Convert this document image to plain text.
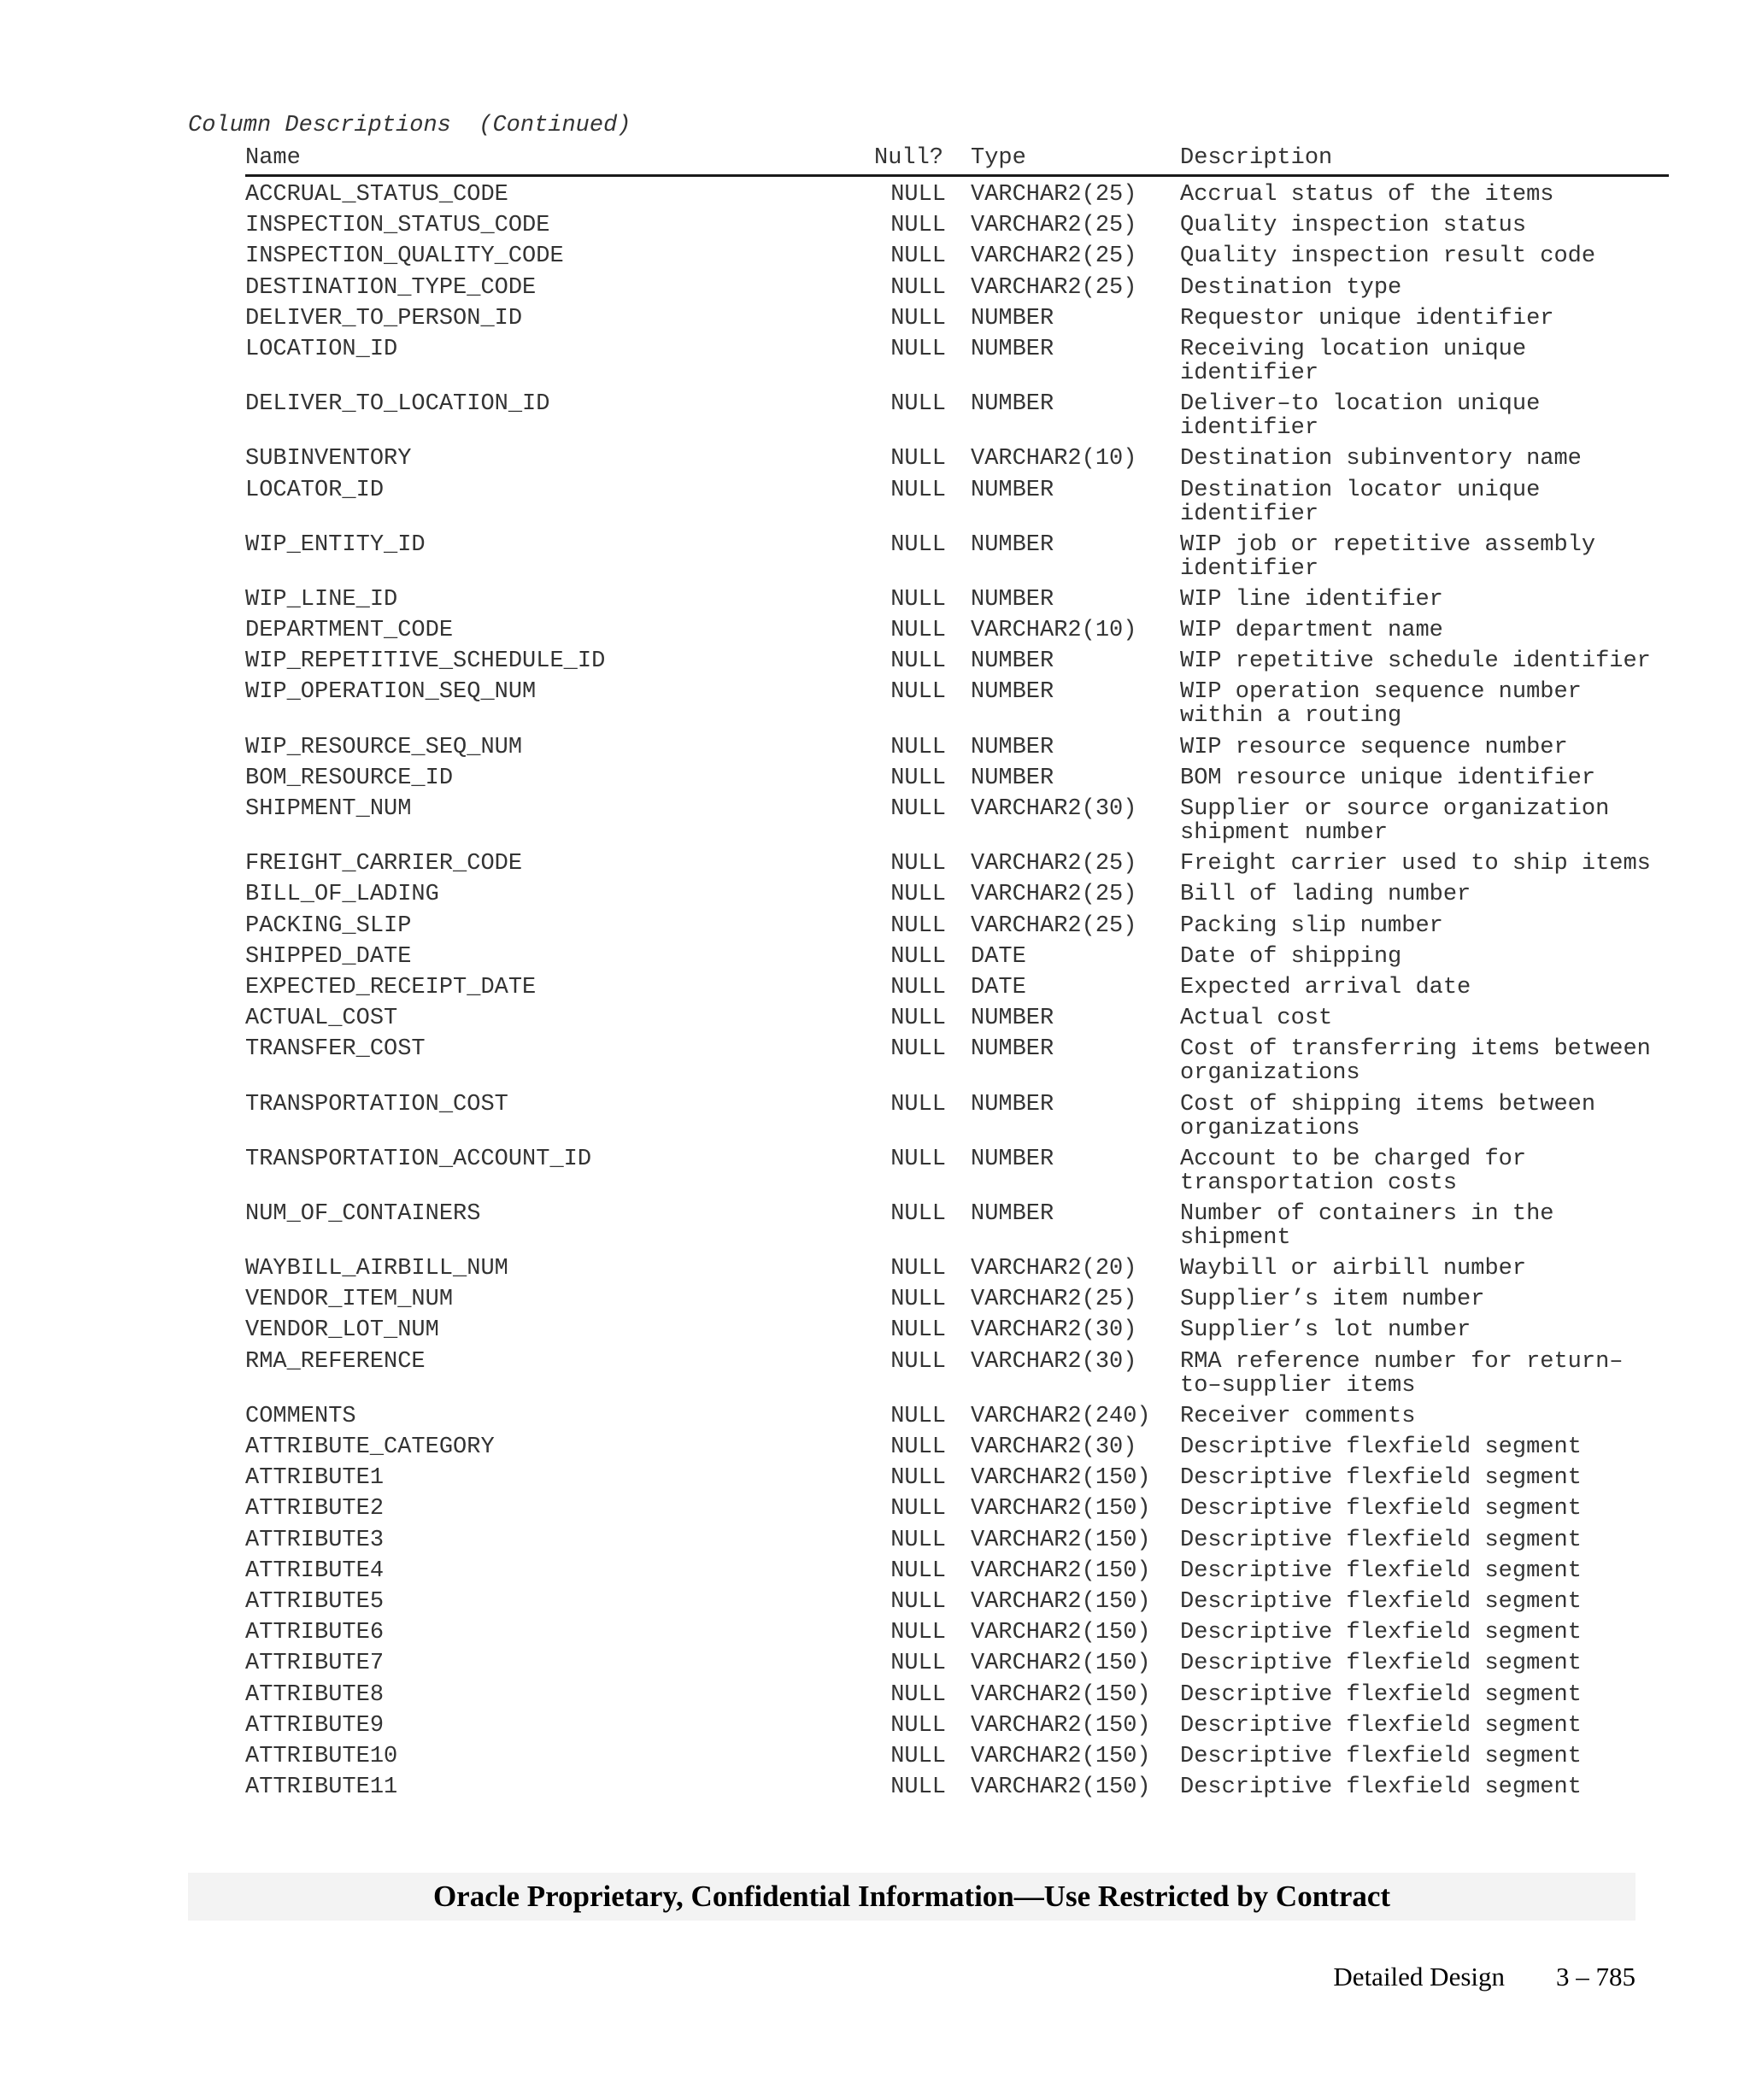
Column Descriptions  (Continued)
Name	Null? Type	Description
ACCRUAL_STATUS_CODE	NULL VARCHAR2(25) Accrual status of the items
INSPECTION_STATUS_CODE	NULL VARCHAR2(25) Quality inspection status
INSPECTION_QUALITY_CODE	NULL VARCHAR2(25) Quality inspection result code
DESTINATION_TYPE_CODE	NULL VARCHAR2(25) Destination type
DELIVER_TO_PERSON_ID	NULL NUMBER	Requestor unique identifier
LOCATION_ID	NULL NUMBER	Receiving location unique identifier
DELIVER_TO_LOCATION_ID	NULL NUMBER	Deliver–to location unique identifier
SUBINVENTORY	NULL VARCHAR2(10) Destination subinventory name
LOCATOR_ID	NULL NUMBER	Destination locator unique identifier
WIP_ENTITY_ID	NULL NUMBER	WIP job or repetitive assembly identifier
WIP_LINE_ID	NULL NUMBER	WIP line identifier
DEPARTMENT_CODE	NULL VARCHAR2(10) WIP department name
WIP_REPETITIVE_SCHEDULE_ID	NULL NUMBER	WIP repetitive schedule identifier
WIP_OPERATION_SEQ_NUM	NULL NUMBER	WIP operation sequence number within a routing
WIP_RESOURCE_SEQ_NUM	NULL NUMBER	WIP resource sequence number
BOM_RESOURCE_ID	NULL NUMBER	BOM resource unique identifier
SHIPMENT_NUM	NULL VARCHAR2(30) Supplier or source organization shipment number
FREIGHT_CARRIER_CODE	NULL VARCHAR2(25) Freight carrier used to ship items
BILL_OF_LADING	NULL VARCHAR2(25) Bill of lading number
PACKING_SLIP	NULL VARCHAR2(25) Packing slip number
SHIPPED_DATE	NULL DATE	Date of shipping
EXPECTED_RECEIPT_DATE	NULL DATE	Expected arrival date
ACTUAL_COST	NULL NUMBER	Actual cost
TRANSFER_COST	NULL NUMBER	Cost of transferring items between organizations
TRANSPORTATION_COST	NULL NUMBER	Cost of shipping items between organizations
TRANSPORTATION_ACCOUNT_ID	NULL NUMBER	Account to be charged for transportation costs
NUM_OF_CONTAINERS	NULL NUMBER	Number of containers in the shipment
WAYBILL_AIRBILL_NUM	NULL VARCHAR2(20) Waybill or airbill number
VENDOR_ITEM_NUM	NULL VARCHAR2(25) Supplier’s item number
VENDOR_LOT_NUM	NULL VARCHAR2(30) Supplier’s lot number
RMA_REFERENCE	NULL VARCHAR2(30) RMA reference number for return–to–supplier items
COMMENTS	NULL VARCHAR2(240) Receiver comments
ATTRIBUTE_CATEGORY	NULL VARCHAR2(30) Descriptive flexfield segment
ATTRIBUTE1	NULL VARCHAR2(150) Descriptive flexfield segment
ATTRIBUTE2	NULL VARCHAR2(150) Descriptive flexfield segment
ATTRIBUTE3	NULL VARCHAR2(150) Descriptive flexfield segment
ATTRIBUTE4	NULL VARCHAR2(150) Descriptive flexfield segment
ATTRIBUTE5	NULL VARCHAR2(150) Descriptive flexfield segment
ATTRIBUTE6	NULL VARCHAR2(150) Descriptive flexfield segment
ATTRIBUTE7	NULL VARCHAR2(150) Descriptive flexfield segment
ATTRIBUTE8	NULL VARCHAR2(150) Descriptive flexfield segment
ATTRIBUTE9	NULL VARCHAR2(150) Descriptive flexfield segment
ATTRIBUTE10	NULL VARCHAR2(150) Descriptive flexfield segment
ATTRIBUTE11	NULL VARCHAR2(150) Descriptive flexfield segment
Oracle Proprietary, Confidential Information––Use Restricted by Contract
Detailed Design 3 – 785
